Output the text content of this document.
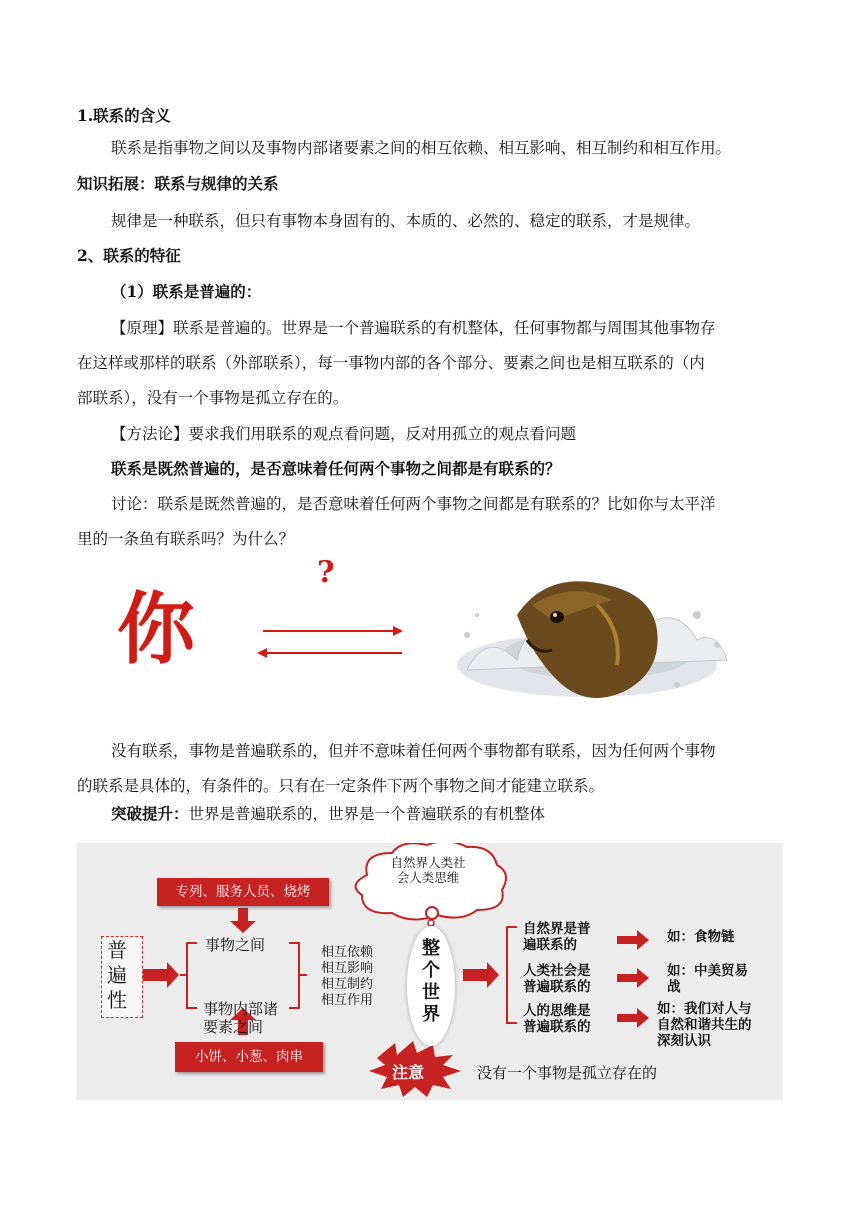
1.联系的含义
联系是指事物之间以及事物内部诸要素之间的相互依赖、相互影响、相互制约和相互作用。
知识拓展：联系与规律的关系
规律是一种联系，但只有事物本身固有的、本质的、必然的、稳定的联系，才是规律。
2、联系的特征
（1）联系是普遍的：
【原理】联系是普遍的。世界是一个普遍联系的有机整体，任何事物都与周围其他事物存
在这样或那样的联系（外部联系），每一事物内部的各个部分、要素之间也是相互联系的（内
部联系），没有一个事物是孤立存在的。
【方法论】要求我们用联系的观点看问题，反对用孤立的观点看问题
联系是既然普遍的，是否意味着任何两个事物之间都是有联系的？
讨论：联系是既然普遍的，是否意味着任何两个事物之间都是有联系的？比如你与太平洋
里的一条鱼有联系吗？为什么？
你
?
没有联系，事物是普遍联系的，但并不意味着任何两个事物都有联系，因为任何两个事物
的联系是具体的，有条件的。只有在一定条件下两个事物之间才能建立联系。
突破提升：世界是普遍联系的，世界是一个普遍联系的有机整体
自然界人类社
会人类思维
专列、服务人员、烧烤
小饼、小葱、肉串
普
遍
性
事物之间
事物内部诸
要素之间
相互依赖
相互影响
相互制约
相互作用
整
个
世
界
自然界是普
遍联系的	如：食物链
人类社会是
普遍联系的
如：中美贸易
战
人的思维是
普遍联系的
如：我们对人与
自然和谐共生的
深刻认识
注意	没有一个事物是孤立存在的
